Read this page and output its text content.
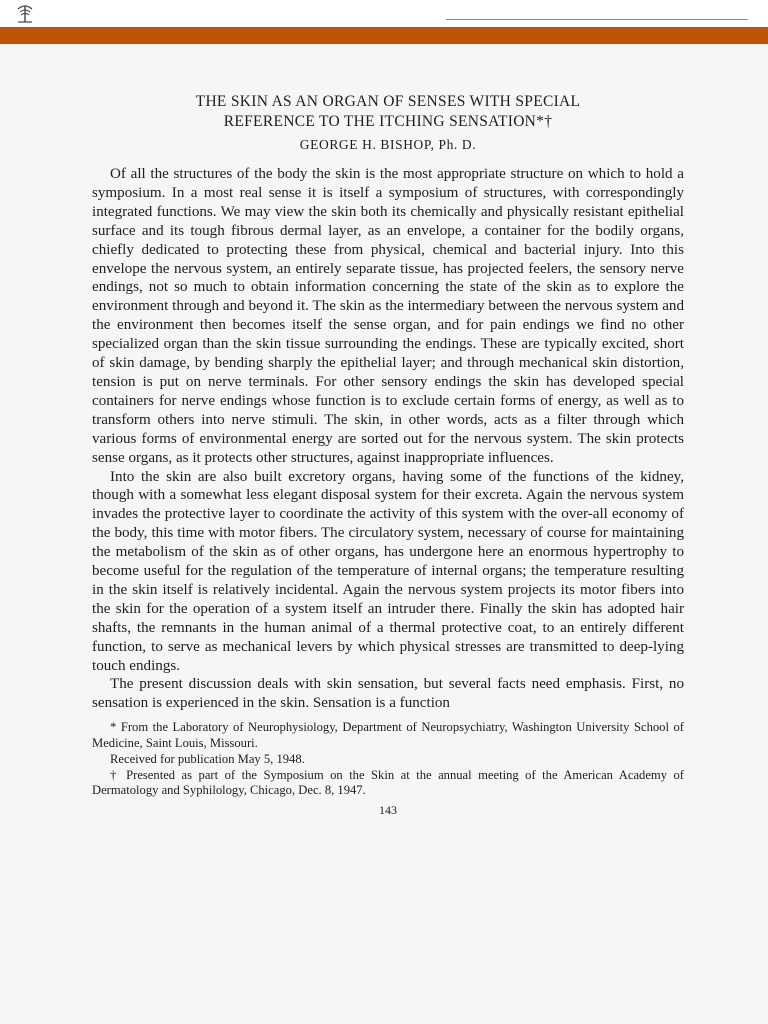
THE SKIN AS AN ORGAN OF SENSES WITH SPECIAL
REFERENCE TO THE ITCHING SENSATION*†
GEORGE H. BISHOP, Ph. D.

Of all the structures of the body the skin is the most appropriate structure on which to hold a symposium. In a most real sense it is itself a symposium of structures, with correspondingly integrated functions. We may view the skin both its chemically and physically resistant epithelial surface and its tough fibrous dermal layer, as an envelope, a container for the bodily organs, chiefly dedicated to protecting these from physical, chemical and bacterial injury. Into this envelope the nervous system, an entirely separate tissue, has projected feelers, the sensory nerve endings, not so much to obtain information concerning the state of the skin as to explore the environment through and beyond it. The skin as the intermediary between the nervous system and the environment then becomes itself the sense organ, and for pain endings we find no other specialized organ than the skin tissue surrounding the endings. These are typically excited, short of skin damage, by bending sharply the epithelial layer; and through mechanical skin distortion, tension is put on nerve terminals. For other sensory endings the skin has developed special containers for nerve endings whose function is to exclude certain forms of energy, as well as to transform others into nerve stimuli. The skin, in other words, acts as a filter through which various forms of environmental energy are sorted out for the nervous system. The skin protects sense organs, as it protects other structures, against inappropriate influences.

Into the skin are also built excretory organs, having some of the functions of the kidney, though with a somewhat less elegant disposal system for their excreta. Again the nervous system invades the protective layer to coordinate the activity of this system with the over-all economy of the body, this time with motor fibers. The circulatory system, necessary of course for maintaining the metabolism of the skin as of other organs, has undergone here an enormous hypertrophy to become useful for the regulation of the temperature of internal organs; the temperature resulting in the skin itself is relatively incidental. Again the nervous system projects its motor fibers into the skin for the operation of a system itself an intruder there. Finally the skin has adopted hair shafts, the remnants in the human animal of a thermal protective coat, to an entirely different function, to serve as mechanical levers by which physical stresses are transmitted to deep-lying touch endings.

The present discussion deals with skin sensation, but several facts need emphasis. First, no sensation is experienced in the skin. Sensation is a function

* From the Laboratory of Neurophysiology, Department of Neuropsychiatry, Washington University School of Medicine, Saint Louis, Missouri.

Received for publication May 5, 1948.

† Presented as part of the Symposium on the Skin at the annual meeting of the American Academy of Dermatology and Syphilology, Chicago, Dec. 8, 1947.

143
